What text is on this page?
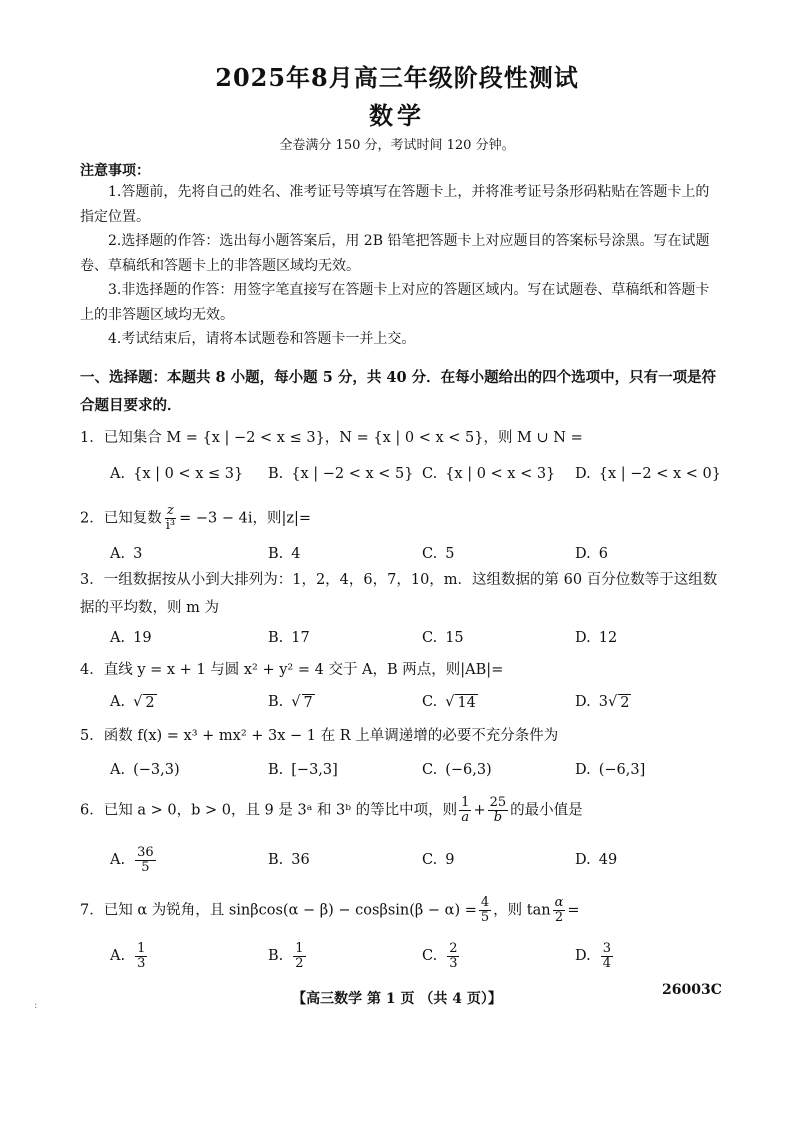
2025年8月高三年级阶段性测试
数学
全卷满分 150 分，考试时间 120 分钟。
注意事项：
1.答题前，先将自己的姓名、准考证号等填写在答题卡上，并将准考证号条形码粘贴在答题卡上的指定位置。
2.选择题的作答：选出每小题答案后，用 2B 铅笔把答题卡上对应题目的答案标号涂黑。写在试题卷、草稿纸和答题卡上的非答题区域均无效。
3.非选择题的作答：用签字笔直接写在答题卡上对应的答题区域内。写在试题卷、草稿纸和答题卡上的非答题区域均无效。
4.考试结束后，请将本试题卷和答题卡一并上交。
一、选择题：本题共 8 小题，每小题 5 分，共 40 分．在每小题给出的四个选项中，只有一项是符合题目要求的．
1．已知集合 M = {x | −2 < x ≤ 3}，N = {x | 0 < x < 5}，则 M ∪ N =
A. {x | 0 < x ≤ 3} B. {x | −2 < x < 5} C. {x | 0 < x < 3} D. {x | −2 < x < 0}
2．已知复数 $\frac{z}{\text{i³}} = -3 - 4i$，则|z|=
A. 3	B. 4	C. 5	D. 6
3．一组数据按从小到大排列为：1，2，4，6，7，10，m．这组数据的第 60 百分位数等于这组数据的平均数，则 m 为
A. 19	B. 17	C. 15	D. 12
4．直线 y = x + 1 与圆 x² + y² = 4 交于 A，B 两点，则|AB|=
A. √ 2	B. √ 7	C. √ 14	D. 3 √ 2
5．函数 f(x) = x³ + mx² + 3x − 1 在 R 上单调递增的必要不充分条件为
A. (−3,3)	B. [−3,3]	C. (−6,3)	D. (−6,3]
6．已知 a > 0，b > 0，且 9 是 3ᵃ 和 3ᵇ 的等比中项，则 $\frac{1}{a} + \frac{25}{b}$ 的最小值是
A. $\frac{36}{5}$	B. 36	C. 9	D. 49
7．已知 α 为锐角，且 $\sin\beta\cos(\alpha - \beta) - \cos\beta\sin(\beta - \alpha) = \frac{4}{5}$ ，则 $\tan \frac{\alpha}{2}$ =
A. $\frac{1}{3}$	B. $\frac{1}{2}$	C. $\frac{2}{3}$	D. $\frac{3}{4}$
【高三数学 第 1 页 （共 4 页）】
26003C
:
